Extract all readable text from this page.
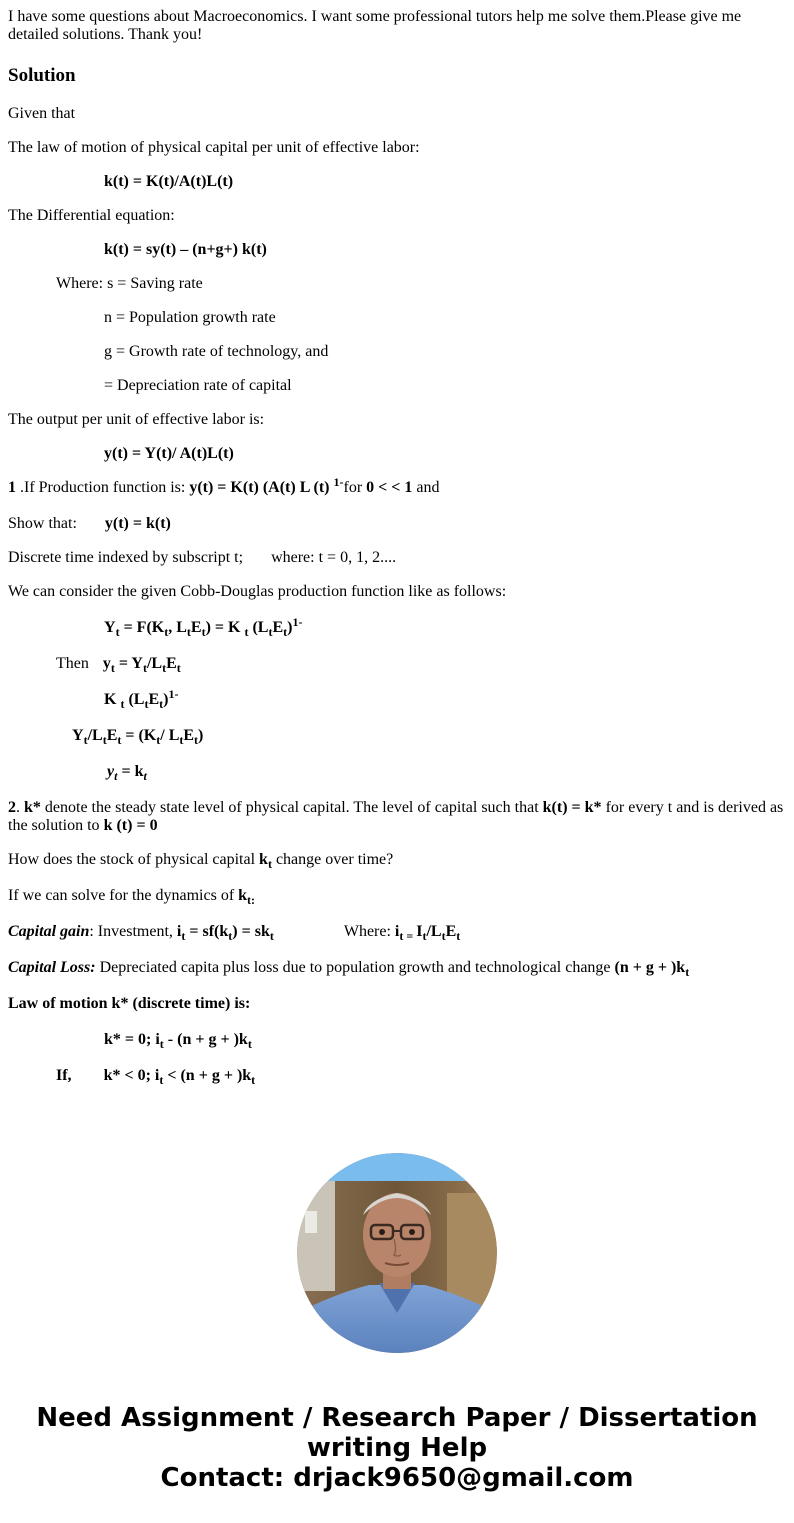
I have some questions about Macroeconomics. I want some professional tutors help me solve them.Please give me detailed solutions. Thank you!

Solution

Given that

The law of motion of physical capital per unit of effective labor:

k(t) = K(t)/A(t)L(t)

The Differential equation:

k(t) = sy(t) – (n+g+) k(t)

Where: s = Saving rate

n = Population growth rate

g = Growth rate of technology, and

= Depreciation rate of capital

The output per unit of effective labor is:

y(t) = Y(t)/ A(t)L(t)

1 .If Production function is: y(t) = K(t) (A(t) L (t) $^{1-}$for 0 < < 1 and

Show that: y(t) = k(t)

Discrete time indexed by subscript t; where: t = 0, 1, 2....

We can consider the given Cobb-Douglas production function like as follows:

$Y_t = F(K_t$, $L_tE_t) = K$ $_t$ $(L_tE_t)^{1-}$

Then $y_t = Y_t/L_tE_t$

K $_t$ $(L_tE_t)^{1-}$

$Y_t/L_tE_t = (K_t/$ $L_tE_t$)

$y_t = k_t$

2. k* denote the steady state level of physical capital. The level of capital such that k(t) = k* for every t and is derived as the solution to k (t) = 0

How does the stock of physical capital $k_t$ change over time?

If we can solve for the dynamics of $k_{t:}$

Capital gain: Investment, $i_t = sf(k_t) = sk_t$	Where: $i_{t =}$ $I_t/L_tE_t$

Capital Loss: Depreciated capita plus loss due to population growth and technological change $(n + g + )k_t$

Law of motion k* (discrete time) is:

k* = 0; $i_t - (n + g + )k_t$

If, k* < 0; $i_t < (n + g + )k_t$

Need Assignment / Research Paper / Dissertation
writing Help
Contact: drjack9650@gmail.com
